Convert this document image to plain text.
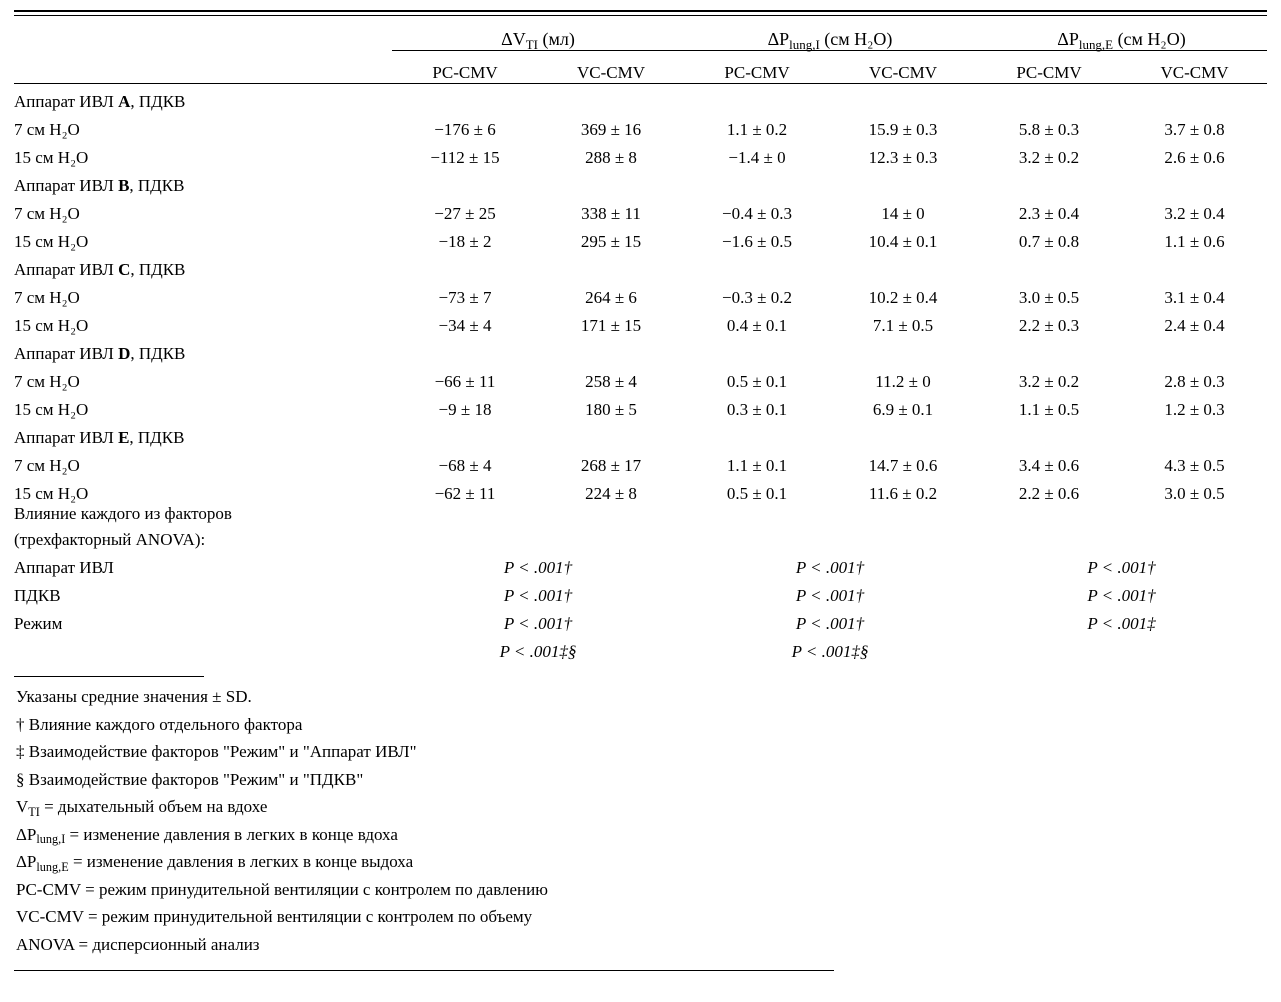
	$\Delta V_{TI}$ (мл)		$\Delta P_{lung,I}$ (см H₂O)		$\Delta P_{lung,E}$ (см H₂O)	
	PC-CMV	VC-CMV	PC-CMV	VC-CMV	PC-CMV	VC-CMV
Аппарат ИВЛ A, ПДКВ						
7 см H₂O	−176 ± 6	369 ± 16	1.1 ± 0.2	15.9 ± 0.3	5.8 ± 0.3	3.7 ± 0.8
15 см H₂O	−112 ± 15	288 ± 8	−1.4 ± 0	12.3 ± 0.3	3.2 ± 0.2	2.6 ± 0.6
Аппарат ИВЛ B, ПДКВ						
7 см H₂O	−27 ± 25	338 ± 11	−0.4 ± 0.3	14 ± 0	2.3 ± 0.4	3.2 ± 0.4
15 см H₂O	−18 ± 2	295 ± 15	−1.6 ± 0.5	10.4 ± 0.1	0.7 ± 0.8	1.1 ± 0.6
Аппарат ИВЛ C, ПДКВ						
7 см H₂O	−73 ± 7	264 ± 6	−0.3 ± 0.2	10.2 ± 0.4	3.0 ± 0.5	3.1 ± 0.4
15 см H₂O	−34 ± 4	171 ± 15	0.4 ± 0.1	7.1 ± 0.5	2.2 ± 0.3	2.4 ± 0.4
Аппарат ИВЛ D, ПДКВ						
7 см H₂O	−66 ± 11	258 ± 4	0.5 ± 0.1	11.2 ± 0	3.2 ± 0.2	2.8 ± 0.3
15 см H₂O	−9 ± 18	180 ± 5	0.3 ± 0.1	6.9 ± 0.1	1.1 ± 0.5	1.2 ± 0.3
Аппарат ИВЛ E, ПДКВ						
7 см H₂O	−68 ± 4	268 ± 17	1.1 ± 0.1	14.7 ± 0.6	3.4 ± 0.6	4.3 ± 0.5
15 см H₂O	−62 ± 11	224 ± 8	0.5 ± 0.1	11.6 ± 0.2	2.2 ± 0.6	3.0 ± 0.5
Влияние каждого из факторов						
(трехфакторный ANOVA):						
Аппарат ИВЛ	P < .001†		P < .001†		P < .001†	
ПДКВ	P < .001†		P < .001†		P < .001†	
Режим	P < .001†		P < .001†		P < .001‡	
	P < .001‡§		P < .001‡§			
Указаны средние значения ± SD.
† Влияние каждого отдельного фактора
‡ Взаимодействие факторов "Режим" и "Аппарат ИВЛ"
§ Взаимодействие факторов "Режим" и "ПДКВ"
$V_{TI}$ = дыхательный объем на вдохе
$\Delta P_{lung,I}$ = изменение давления в легких в конце вдоха
$\Delta P_{lung,E}$ = изменение давления в легких в конце выдоха
PC-CMV = режим принудительной вентиляции с контролем по давлению
VC-CMV = режим принудительной вентиляции с контролем по объему
ANOVA = дисперсионный анализ
